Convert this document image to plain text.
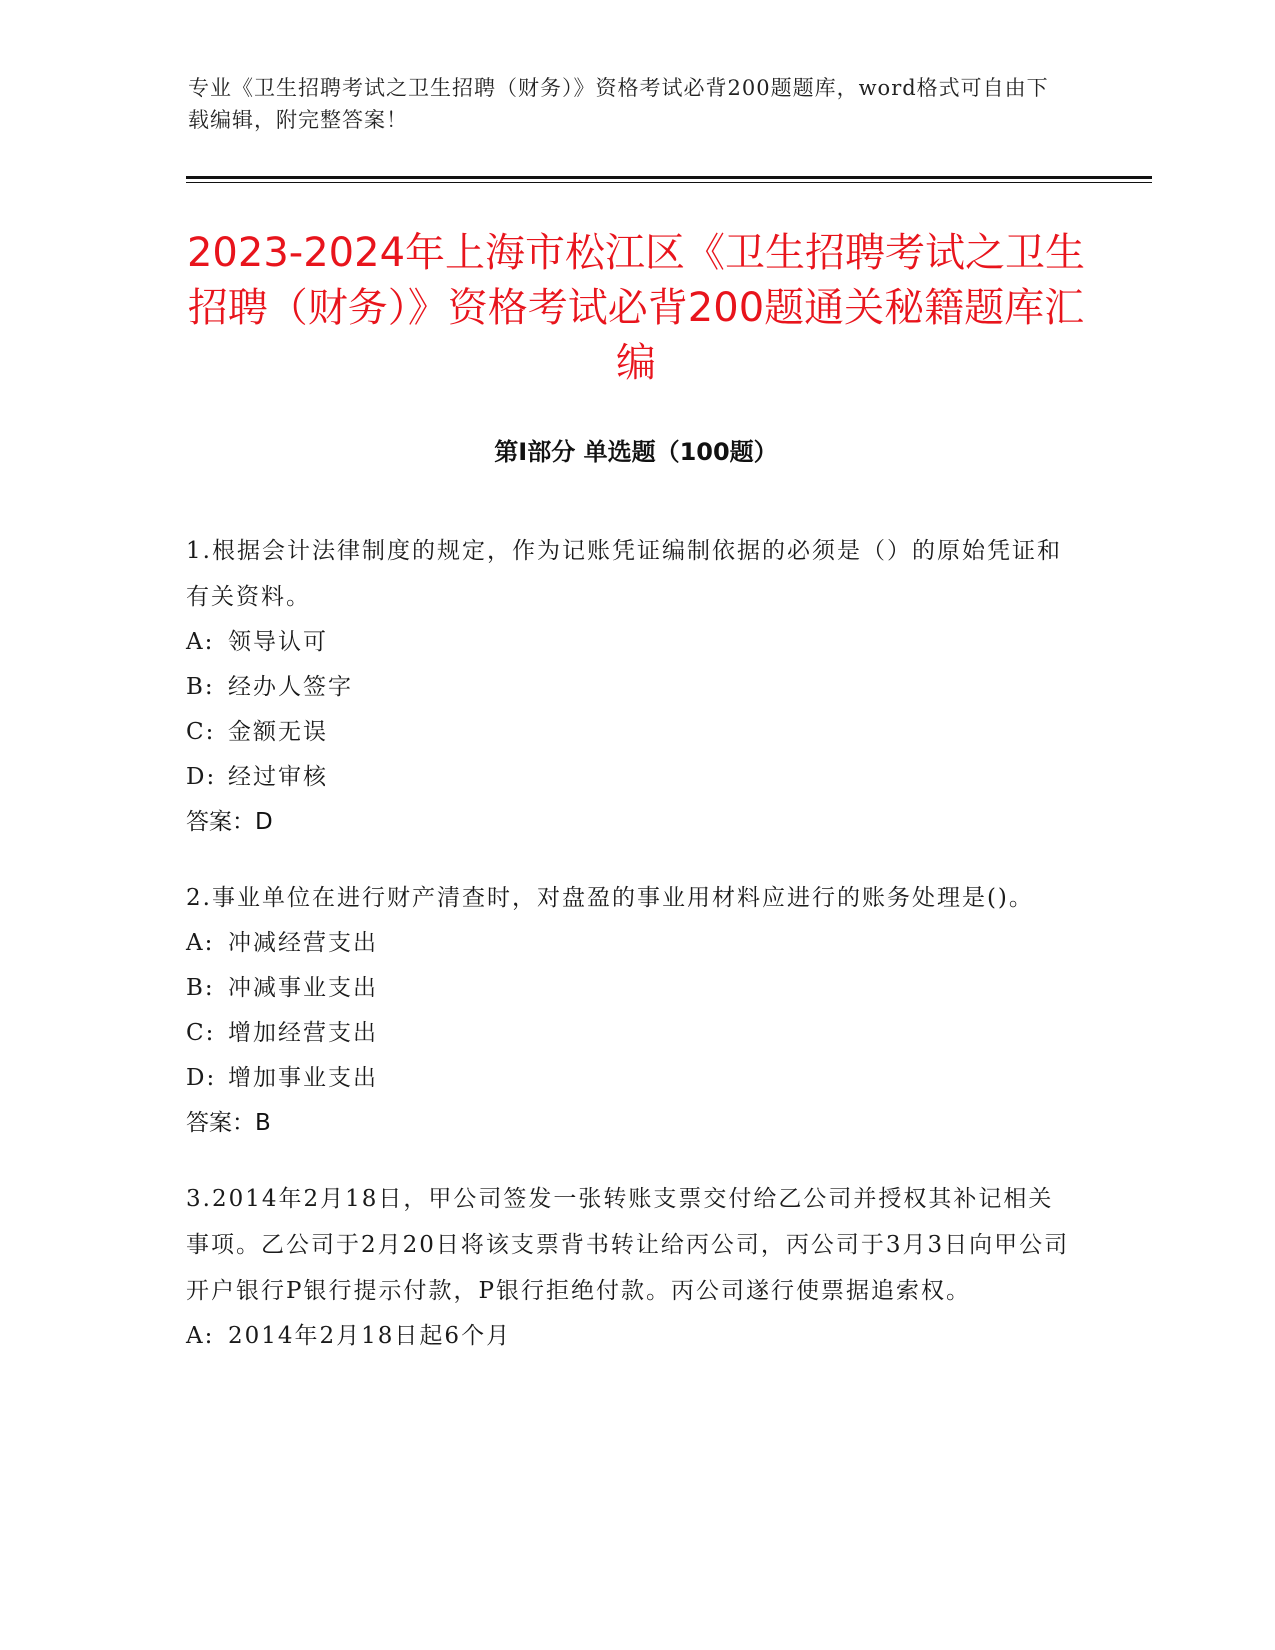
专业《卫生招聘考试之卫生招聘（财务）》资格考试必背200题题库，word格式可自由下载编辑，附完整答案！
2023-2024年上海市松江区《卫生招聘考试之卫生招聘（财务）》资格考试必背200题通关秘籍题库汇编
第I部分 单选题（100题）
1.根据会计法律制度的规定，作为记账凭证编制依据的必须是（）的原始凭证和有关资料。
A: 领导认可
B: 经办人签字
C: 金额无误
D: 经过审核
答案：D
2.事业单位在进行财产清查时，对盘盈的事业用材料应进行的账务处理是()。
A: 冲减经营支出
B: 冲减事业支出
C: 增加经营支出
D: 增加事业支出
答案：B
3.2014年2月18日，甲公司签发一张转账支票交付给乙公司并授权其补记相关事项。乙公司于2月20日将该支票背书转让给丙公司，丙公司于3月3日向甲公司开户银行P银行提示付款，P银行拒绝付款。丙公司遂行使票据追索权。
A: 2014年2月18日起6个月
